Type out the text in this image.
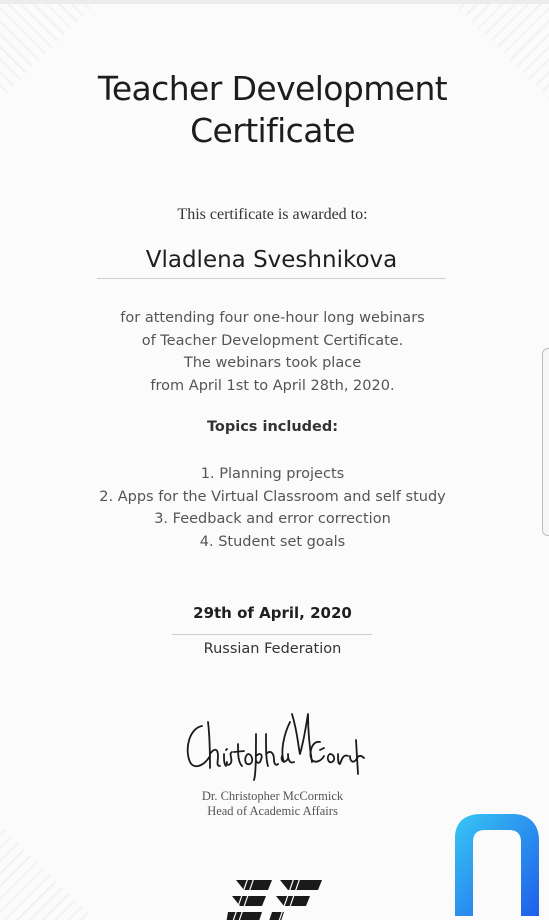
Teacher Development
Certificate
This certificate is awarded to:
Vladlena Sveshnikova
for attending four one-hour long webinars
of Teacher Development Certificate.
The webinars took place
from April 1st to April 28th, 2020.
Topics included:
1. Planning projects
2. Apps for the Virtual Classroom and self study
3. Feedback and error correction
4. Student set goals
29th of April, 2020
Russian Federation
Dr. Christopher McCormick
Head of Academic Affairs
